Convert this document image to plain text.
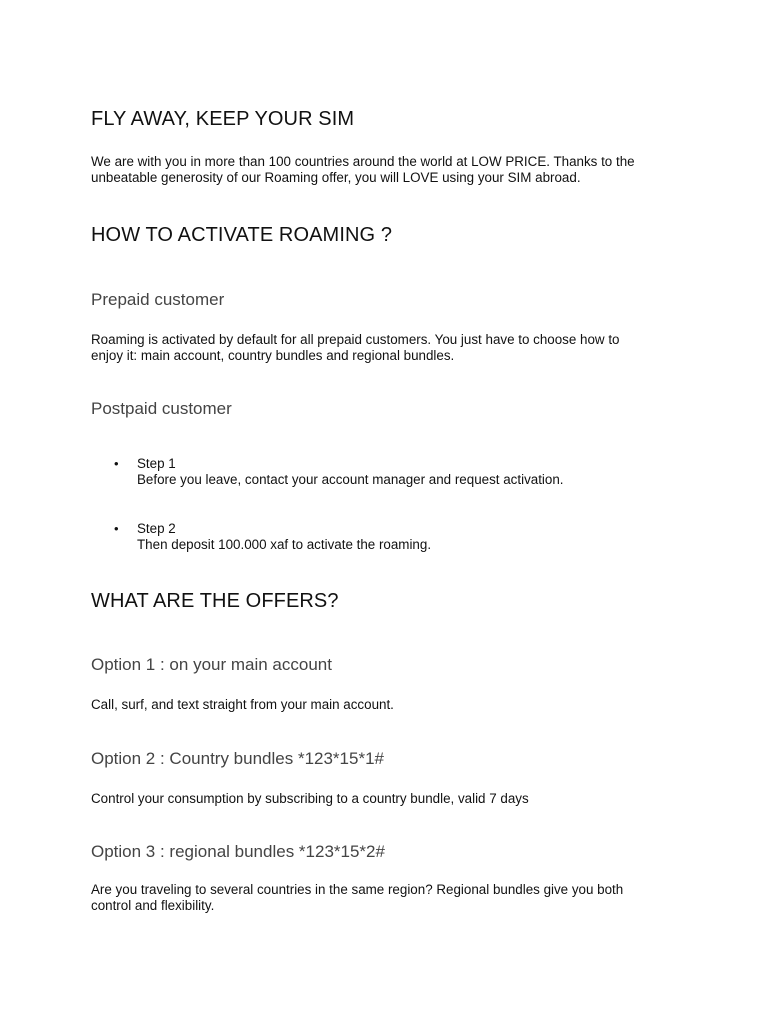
FLY AWAY, KEEP YOUR SIM

We are with you in more than 100 countries around the world at LOW PRICE. Thanks to the

unbeatable generosity of our Roaming offer, you will LOVE using your SIM abroad.

HOW TO ACTIVATE ROAMING ?
Prepaid customer

Roaming is activated by default for all prepaid customers. You just have to choose how to

enjoy it: main account, country bundles and regional bundles.

Postpaid customer
• Step 1
Before you leave, contact your account manager and request activation.
• Step 2
Then deposit 100.000 xaf to activate the roaming.
WHAT ARE THE OFFERS?
Option 1 : on your main account

Call, surf, and text straight from your main account.

Option 2 : Country bundles *123*15*1#

Control your consumption by subscribing to a country bundle, valid 7 days

Option 3 : regional bundles *123*15*2#

Are you traveling to several countries in the same region? Regional bundles give you both

control and flexibility.
